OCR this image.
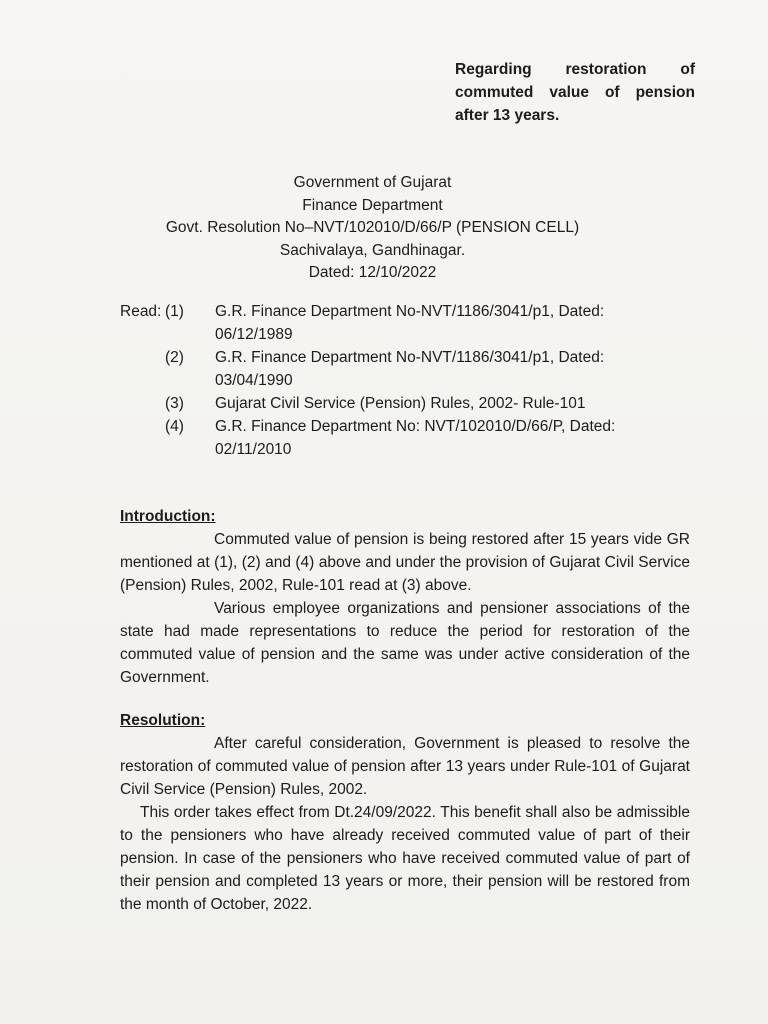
Regarding restoration of
commuted value of pension
after 13 years.
Government of Gujarat
Finance Department
Govt. Resolution No–NVT/102010/D/66/P (PENSION CELL)
Sachivalaya, Gandhinagar.
Dated: 12/10/2022
Read: (1)	G.R. Finance Department No-NVT/1186/3041/p1, Dated:
06/12/1989
(2)	G.R. Finance Department No-NVT/1186/3041/p1, Dated:
03/04/1990
(3)	Gujarat Civil Service (Pension) Rules, 2002- Rule-101
(4)	G.R. Finance Department No: NVT/102010/D/66/P, Dated:
02/11/2010
Introduction:

Commuted value of pension is being restored after 15 years vide GR mentioned at (1), (2) and (4) above and under the provision of Gujarat Civil Service (Pension) Rules, 2002, Rule-101 read at (3) above.

Various employee organizations and pensioner associations of the state had made representations to reduce the period for restoration of the commuted value of pension and the same was under active consideration of the Government.

Resolution:

After careful consideration, Government is pleased to resolve the restoration of commuted value of pension after 13 years under Rule-101 of Gujarat Civil Service (Pension) Rules, 2002.

This order takes effect from Dt.24/09/2022. This benefit shall also be admissible to the pensioners who have already received commuted value of part of their pension. In case of the pensioners who have received commuted value of part of their pension and completed 13 years or more, their pension will be restored from the month of October, 2022.
